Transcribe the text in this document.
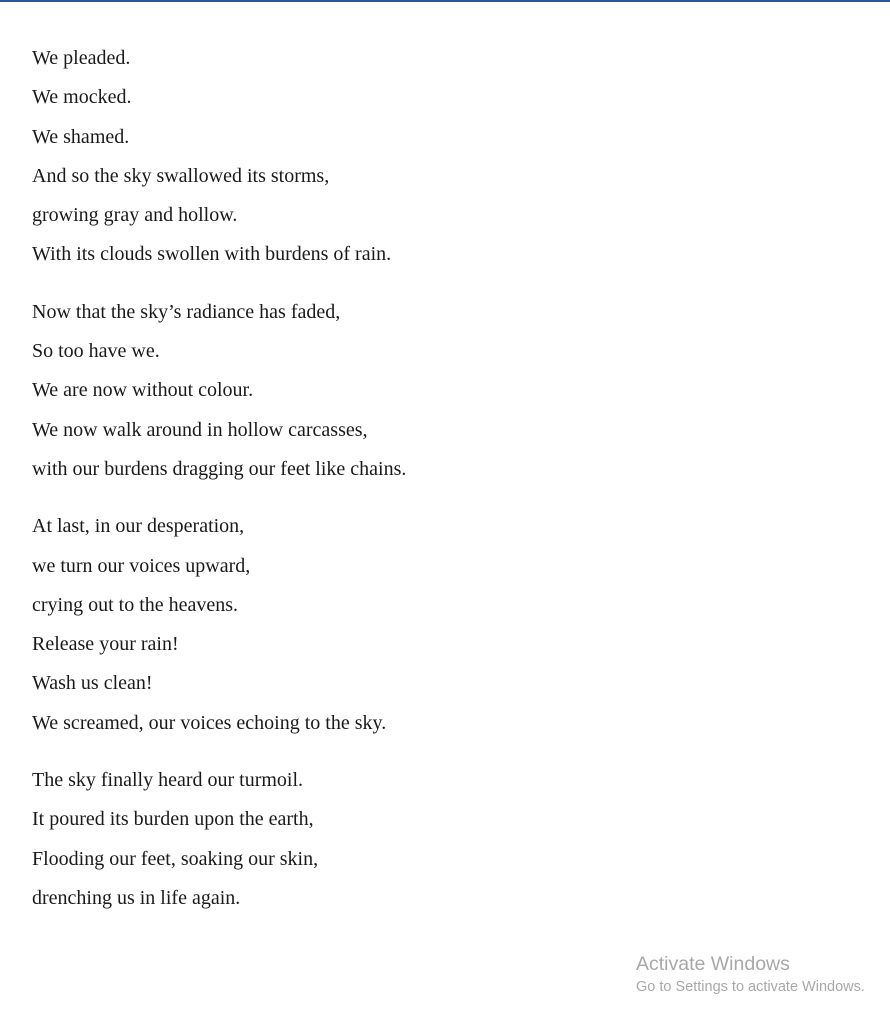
We pleaded.
We mocked.
We shamed.
And so the sky swallowed its storms,
growing gray and hollow.
With its clouds swollen with burdens of rain.
Now that the sky’s radiance has faded,
So too have we.
We are now without colour.
We now walk around in hollow carcasses,
with our burdens dragging our feet like chains.
At last, in our desperation,
we turn our voices upward,
crying out to the heavens.
Release your rain!
Wash us clean!
We screamed, our voices echoing to the sky.
The sky finally heard our turmoil.
It poured its burden upon the earth,
Flooding our feet, soaking our skin,
drenching us in life again.
Activate Windows
Go to Settings to activate Windows.
